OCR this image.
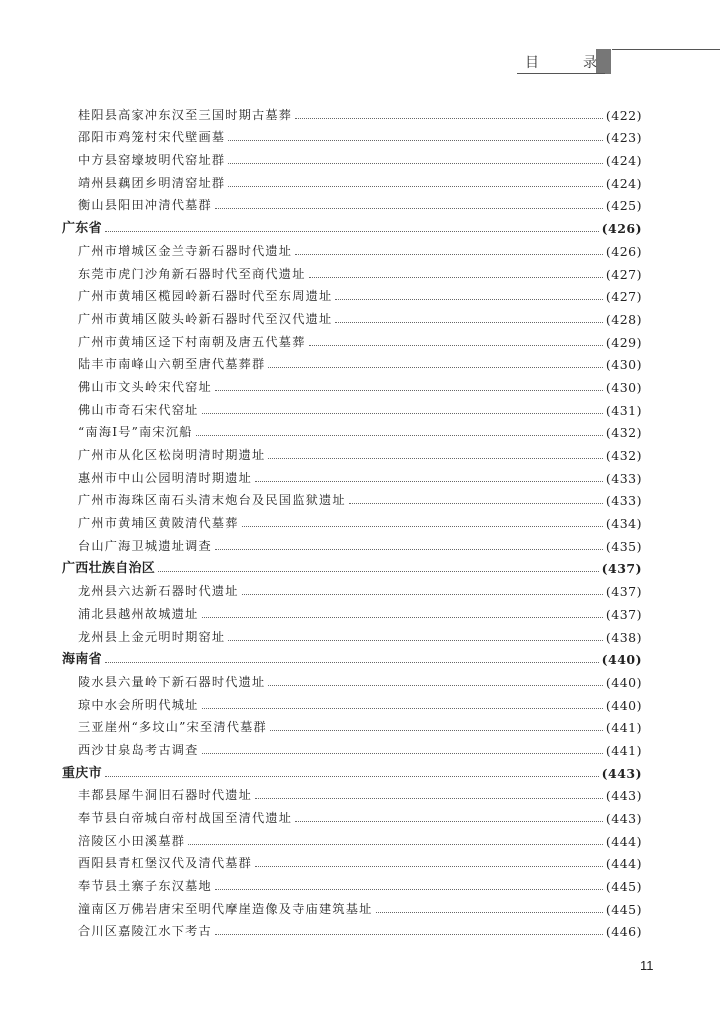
目	录
桂阳县高家冲东汉至三国时期古墓葬	(422)
邵阳市鸡笼村宋代壁画墓	(423)
中方县窑壕坡明代窑址群	(424)
靖州县藕团乡明清窑址群	(424)
衡山县阳田冲清代墓群	(425)
广东省	(426)
广州市增城区金兰寺新石器时代遗址	(426)
东莞市虎门沙角新石器时代至商代遗址	(427)
广州市黄埔区榄园岭新石器时代至东周遗址	(427)
广州市黄埔区陂头岭新石器时代至汉代遗址	(428)
广州市黄埔区迳下村南朝及唐五代墓葬	(429)
陆丰市南峰山六朝至唐代墓葬群	(430)
佛山市文头岭宋代窑址	(430)
佛山市奇石宋代窑址	(431)
“南海Ⅰ号”南宋沉船	(432)
广州市从化区松岗明清时期遗址	(432)
惠州市中山公园明清时期遗址	(433)
广州市海珠区南石头清末炮台及民国监狱遗址	(433)
广州市黄埔区黄陂清代墓葬	(434)
台山广海卫城遗址调查	(435)
广西壮族自治区	(437)
龙州县六达新石器时代遗址	(437)
浦北县越州故城遗址	(437)
龙州县上金元明时期窑址	(438)
海南省	(440)
陵水县六量岭下新石器时代遗址	(440)
琼中水会所明代城址	(440)
三亚崖州“多坟山”宋至清代墓群	(441)
西沙甘泉岛考古调查	(441)
重庆市	(443)
丰都县犀牛洞旧石器时代遗址	(443)
奉节县白帝城白帝村战国至清代遗址	(443)
涪陵区小田溪墓群	(444)
酉阳县青杠堡汉代及清代墓群	(444)
奉节县土寨子东汉墓地	(445)
潼南区万佛岩唐宋至明代摩崖造像及寺庙建筑基址	(445)
合川区嘉陵江水下考古	(446)
11
